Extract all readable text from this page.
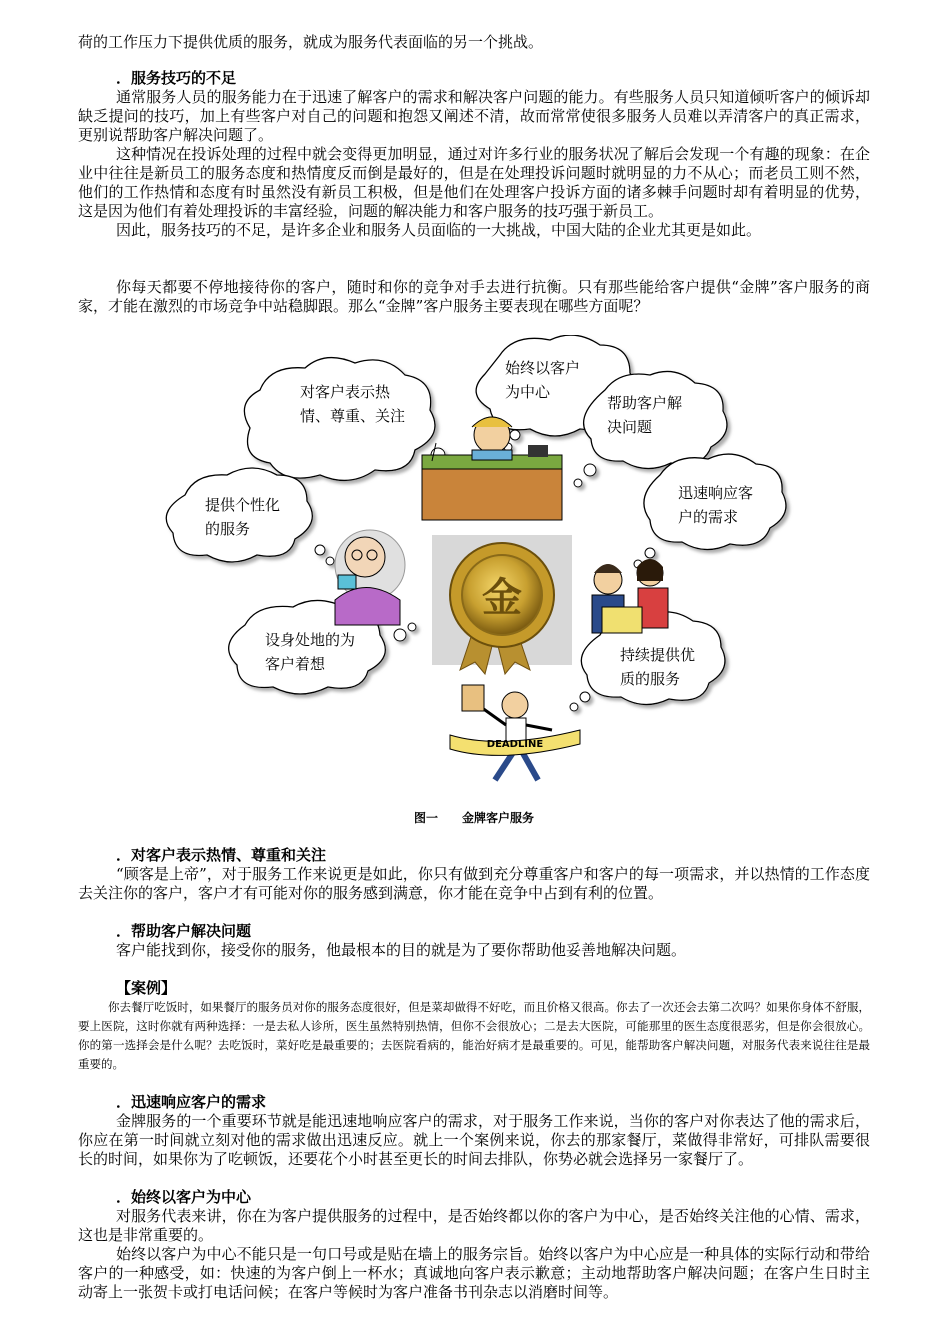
荷的工作压力下提供优质的服务，就成为服务代表面临的另一个挑战。

．服务技巧的不足

通常服务人员的服务能力在于迅速了解客户的需求和解决客户问题的能力。有些服务人员只知道倾听客户的倾诉却缺乏提问的技巧，加上有些客户对自己的问题和抱怨又阐述不清，故而常常使很多服务人员难以弄清客户的真正需求，更别说帮助客户解决问题了。

这种情况在投诉处理的过程中就会变得更加明显，通过对许多行业的服务状况了解后会发现一个有趣的现象：在企业中往往是新员工的服务态度和热情度反而倒是最好的，但是在处理投诉问题时就明显的力不从心；而老员工则不然，他们的工作热情和态度有时虽然没有新员工积极，但是他们在处理客户投诉方面的诸多棘手问题时却有着明显的优势，这是因为他们有着处理投诉的丰富经验，问题的解决能力和客户服务的技巧强于新员工。

因此，服务技巧的不足，是许多企业和服务人员面临的一大挑战，中国大陆的企业尤其更是如此。

你每天都要不停地接待你的客户，随时和你的竞争对手去进行抗衡。只有那些能给客户提供“金牌”客户服务的商家，才能在激烈的市场竞争中站稳脚跟。那么“金牌”客户服务主要表现在哪些方面呢？

对客户表示热
情、尊重、关注
始终以客户
为中心
帮助客户解
决问题
提供个性化
的服务
迅速响应客
户的需求
设身处地的为
客户着想	持续提供优
质的服务
金
DEADLINE
图一　　金牌客户服务

．对客户表示热情、尊重和关注

“顾客是上帝”，对于服务工作来说更是如此，你只有做到充分尊重客户和客户的每一项需求，并以热情的工作态度去关注你的客户，客户才有可能对你的服务感到满意，你才能在竞争中占到有利的位置。

．帮助客户解决问题

客户能找到你，接受你的服务，他最根本的目的就是为了要你帮助他妥善地解决问题。

【案例】

你去餐厅吃饭时，如果餐厅的服务员对你的服务态度很好，但是菜却做得不好吃，而且价格又很高。你去了一次还会去第二次吗？如果你身体不舒服，要上医院，这时你就有两种选择：一是去私人诊所，医生虽然特别热情，但你不会很放心；二是去大医院，可能那里的医生态度很恶劣，但是你会很放心。你的第一选择会是什么呢？去吃饭时，菜好吃是最重要的；去医院看病的，能治好病才是最重要的。可见，能帮助客户解决问题，对服务代表来说往往是最重要的。

．迅速响应客户的需求

金牌服务的一个重要环节就是能迅速地响应客户的需求，对于服务工作来说，当你的客户对你表达了他的需求后，你应在第一时间就立刻对他的需求做出迅速反应。就上一个案例来说，你去的那家餐厅，菜做得非常好，可排队需要很长的时间，如果你为了吃顿饭，还要花个小时甚至更长的时间去排队，你势必就会选择另一家餐厅了。

．始终以客户为中心

对服务代表来讲，你在为客户提供服务的过程中，是否始终都以你的客户为中心，是否始终关注他的心情、需求，这也是非常重要的。

始终以客户为中心不能只是一句口号或是贴在墙上的服务宗旨。始终以客户为中心应是一种具体的实际行动和带给客户的一种感受，如：快速的为客户倒上一杯水；真诚地向客户表示歉意；主动地帮助客户解决问题；在客户生日时主动寄上一张贺卡或打电话问候；在客户等候时为客户准备书刊杂志以消磨时间等。
